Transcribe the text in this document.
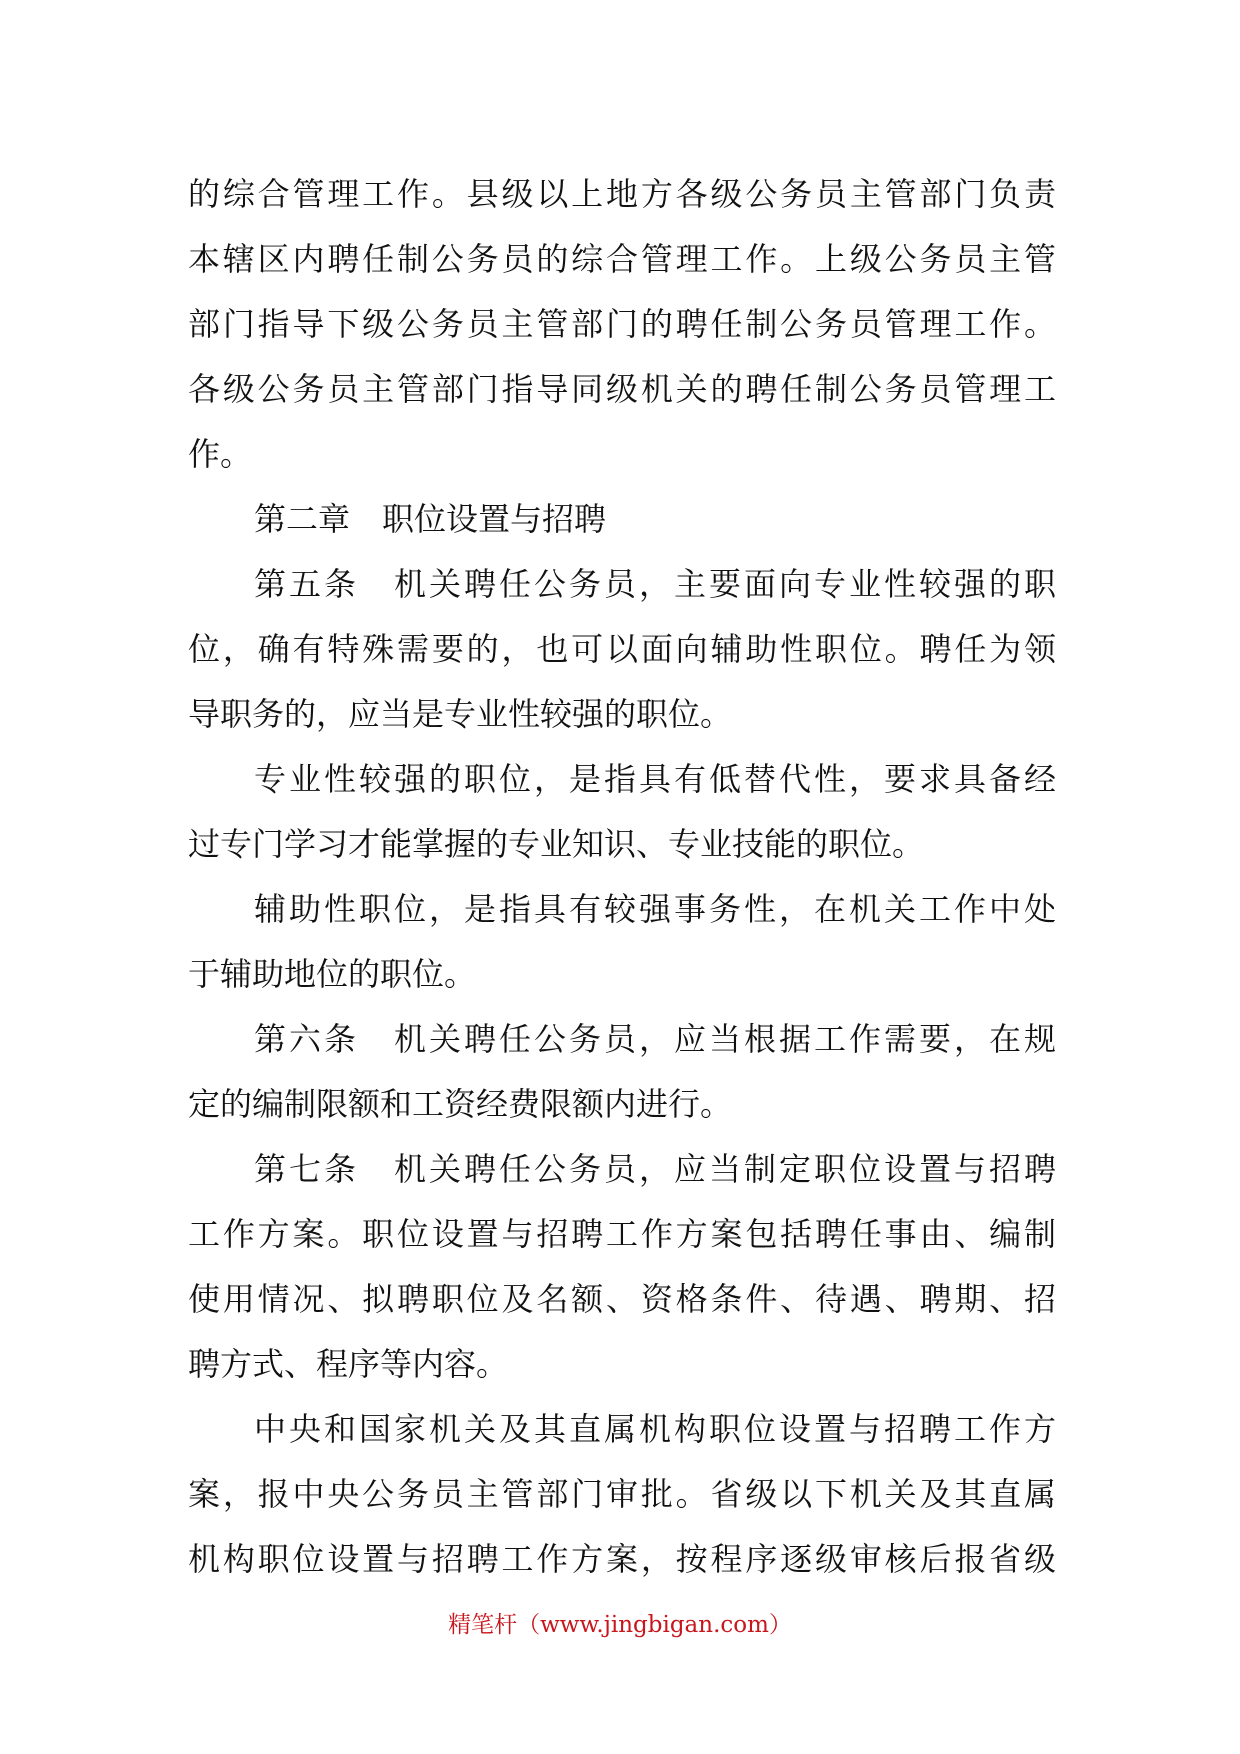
的综合管理工作。县级以上地方各级公务员主管部门负责
本辖区内聘任制公务员的综合管理工作。上级公务员主管
部门指导下级公务员主管部门的聘任制公务员管理工作。
各级公务员主管部门指导同级机关的聘任制公务员管理工
作。
第二章　职位设置与招聘
第五条　机关聘任公务员，主要面向专业性较强的职
位，确有特殊需要的，也可以面向辅助性职位。聘任为领
导职务的，应当是专业性较强的职位。
专业性较强的职位，是指具有低替代性，要求具备经
过专门学习才能掌握的专业知识、专业技能的职位。
辅助性职位，是指具有较强事务性，在机关工作中处
于辅助地位的职位。
第六条　机关聘任公务员，应当根据工作需要，在规
定的编制限额和工资经费限额内进行。
第七条　机关聘任公务员，应当制定职位设置与招聘
工作方案。职位设置与招聘工作方案包括聘任事由、编制
使用情况、拟聘职位及名额、资格条件、待遇、聘期、招
聘方式、程序等内容。
中央和国家机关及其直属机构职位设置与招聘工作方
案，报中央公务员主管部门审批。省级以下机关及其直属
机构职位设置与招聘工作方案，按程序逐级审核后报省级
精笔杆（www.jingbigan.com）
